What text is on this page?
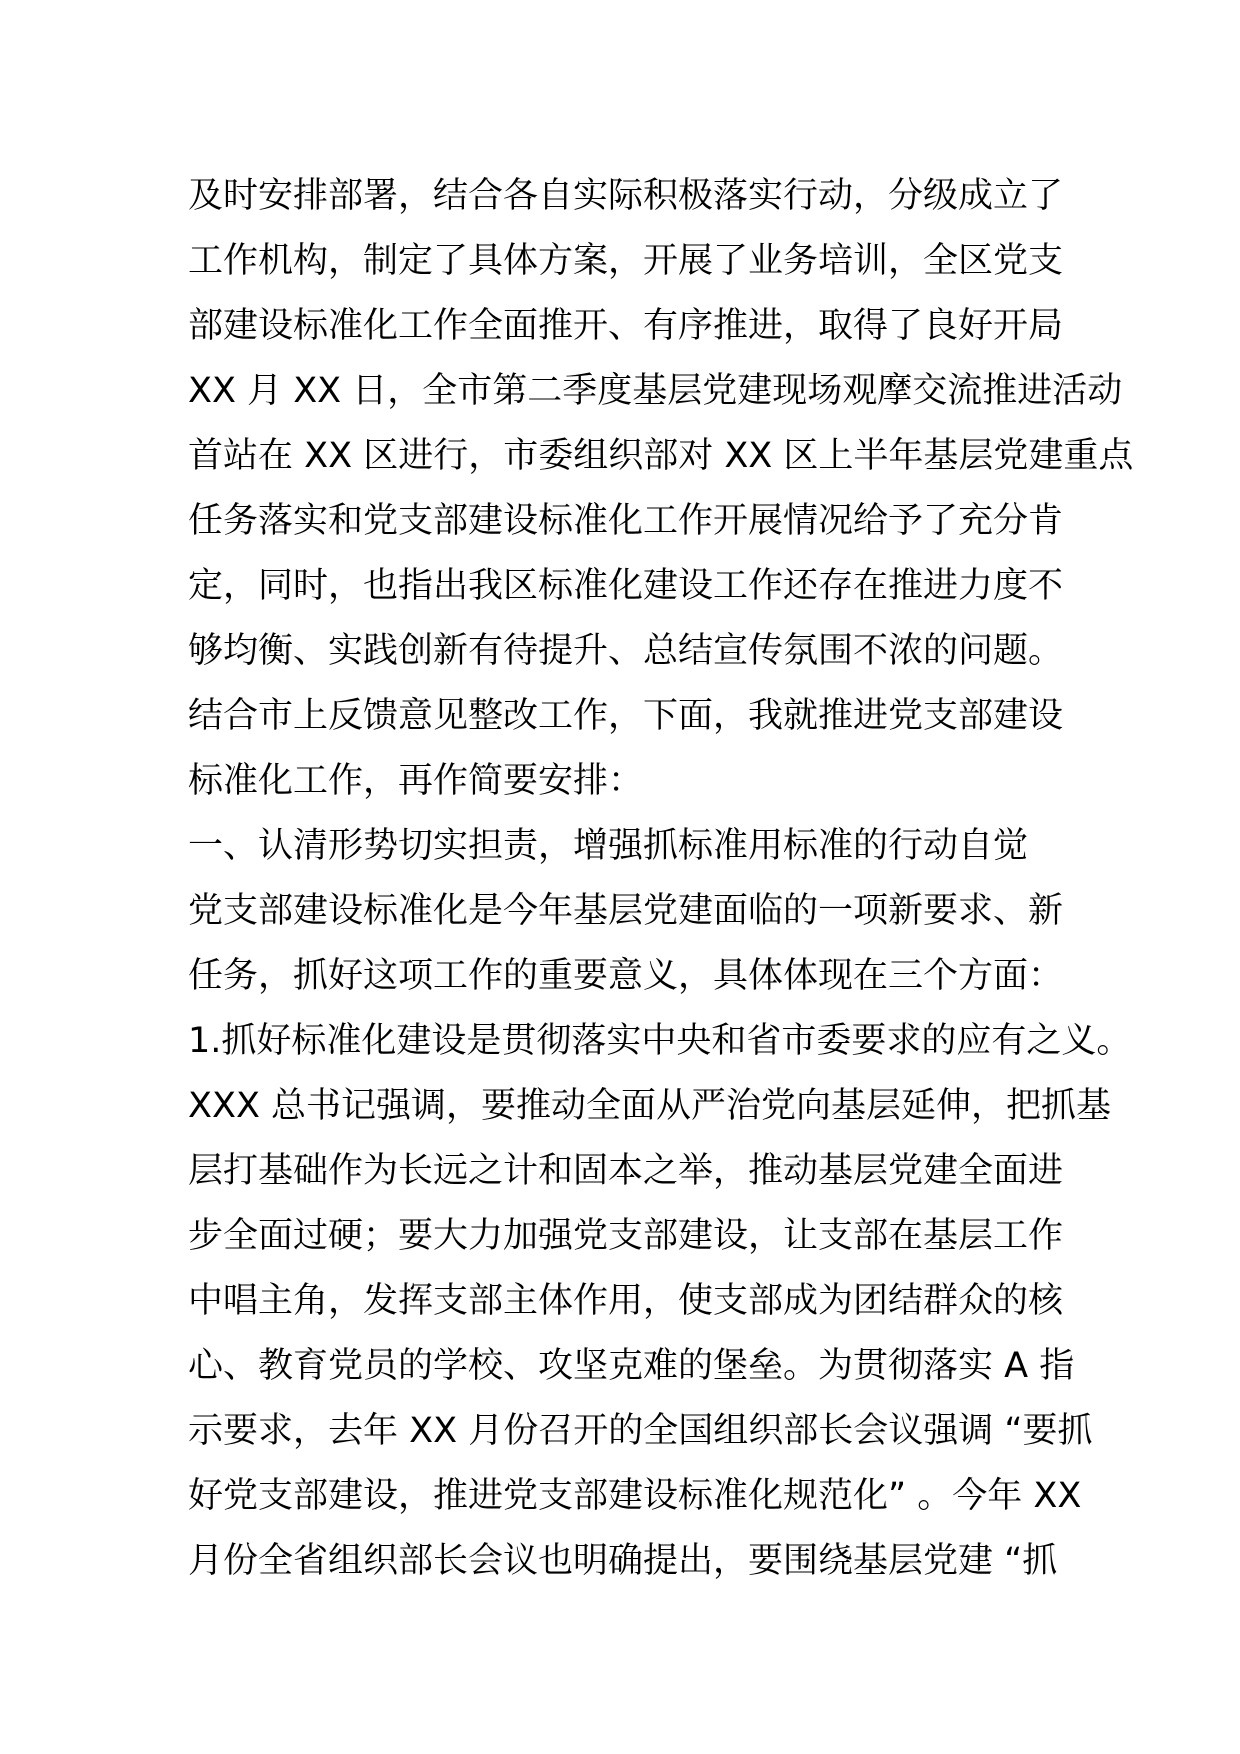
及时安排部署，结合各自实际积极落实行动，分级成立了
工作机构，制定了具体方案，开展了业务培训，全区党支
部建设标准化工作全面推开、有序推进，取得了良好开局
XX 月 XX 日，全市第二季度基层党建现场观摩交流推进活动
首站在 XX 区进行，市委组织部对 XX 区上半年基层党建重点
任务落实和党支部建设标准化工作开展情况给予了充分肯
定，同时，也指出我区标准化建设工作还存在推进力度不
够均衡、实践创新有待提升、总结宣传氛围不浓的问题。
结合市上反馈意见整改工作，下面，我就推进党支部建设
标准化工作，再作简要安排：
一、认清形势切实担责，增强抓标准用标准的行动自觉
党支部建设标准化是今年基层党建面临的一项新要求、新
任务，抓好这项工作的重要意义，具体体现在三个方面：
1.抓好标准化建设是贯彻落实中央和省市委要求的应有之义。
XXX 总书记强调，要推动全面从严治党向基层延伸，把抓基
层打基础作为长远之计和固本之举，推动基层党建全面进
步全面过硬；要大力加强党支部建设，让支部在基层工作
中唱主角，发挥支部主体作用，使支部成为团结群众的核
心、教育党员的学校、攻坚克难的堡垒。为贯彻落实 A 指
示要求，去年 XX 月份召开的全国组织部长会议强调 “要抓
好党支部建设，推进党支部建设标准化规范化” 。今年 XX
月份全省组织部长会议也明确提出，要围绕基层党建 “抓
